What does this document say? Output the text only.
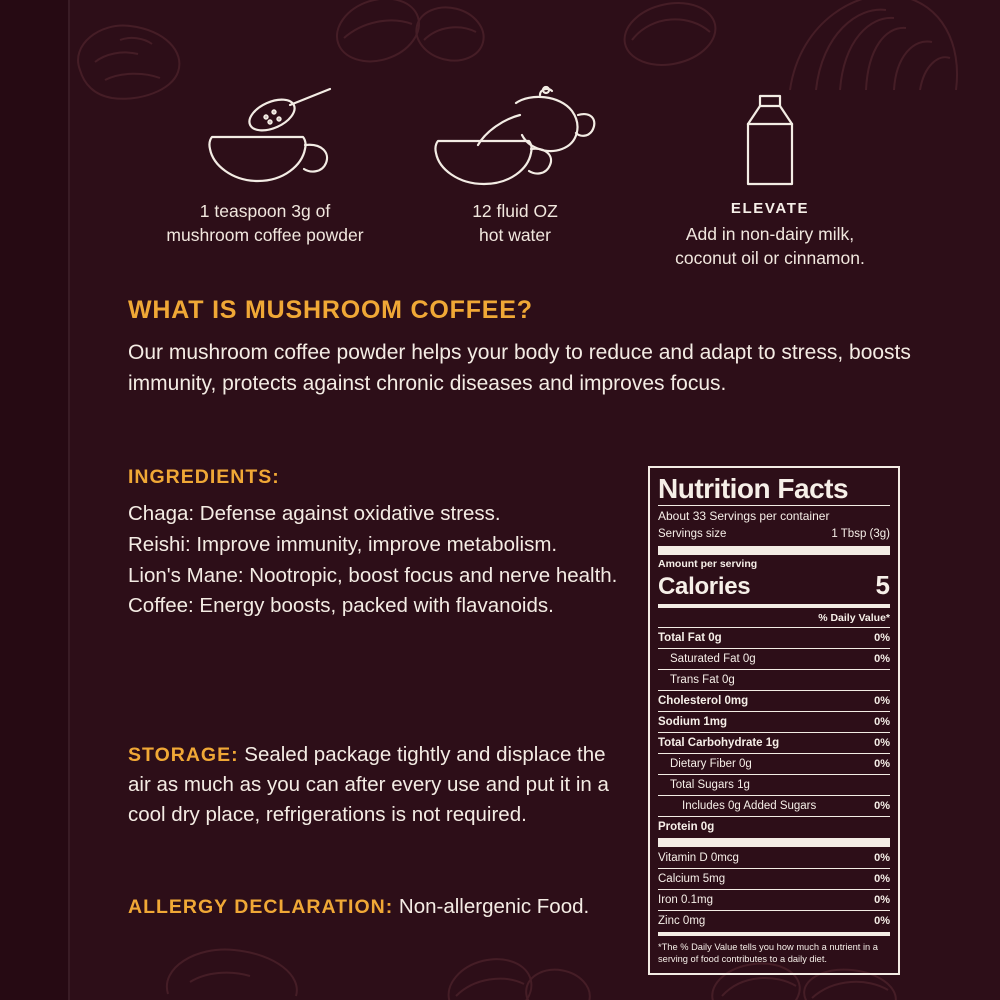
1 teaspoon 3g of
mushroom coffee powder
12 fluid OZ
hot water
ELEVATE
Add in non-dairy milk,
coconut oil or cinnamon.
WHAT IS MUSHROOM COFFEE?

Our mushroom coffee powder helps your body to reduce and adapt to stress, boosts immunity, protects against chronic diseases and improves focus.

INGREDIENTS:
Chaga: Defense against oxidative stress.
Reishi: Improve immunity, improve metabolism.
Lion's Mane: Nootropic, boost focus and nerve health.
Coffee: Energy boosts, packed with flavanoids.
STORAGE: Sealed package tightly and displace the air as much as you can after every use and put it in a cool dry place, refrigerations is not required.
ALLERGY DECLARATION: Non-allergenic Food.
Nutrition Facts
About 33 Servings per container
Servings size	1 Tbsp (3g)
Amount per serving
Calories	5
% Daily Value*
Total Fat 0g	0%
Saturated Fat 0g	0%
Trans Fat 0g
Cholesterol 0mg	0%
Sodium 1mg	0%
Total Carbohydrate 1g	0%
Dietary Fiber 0g	0%
Total Sugars 1g
Includes 0g Added Sugars	0%
Protein 0g
Vitamin D 0mcg	0%
Calcium 5mg	0%
Iron 0.1mg	0%
Zinc 0mg	0%
*The % Daily Value tells you how much a nutrient in a serving of food contributes to a daily diet.
